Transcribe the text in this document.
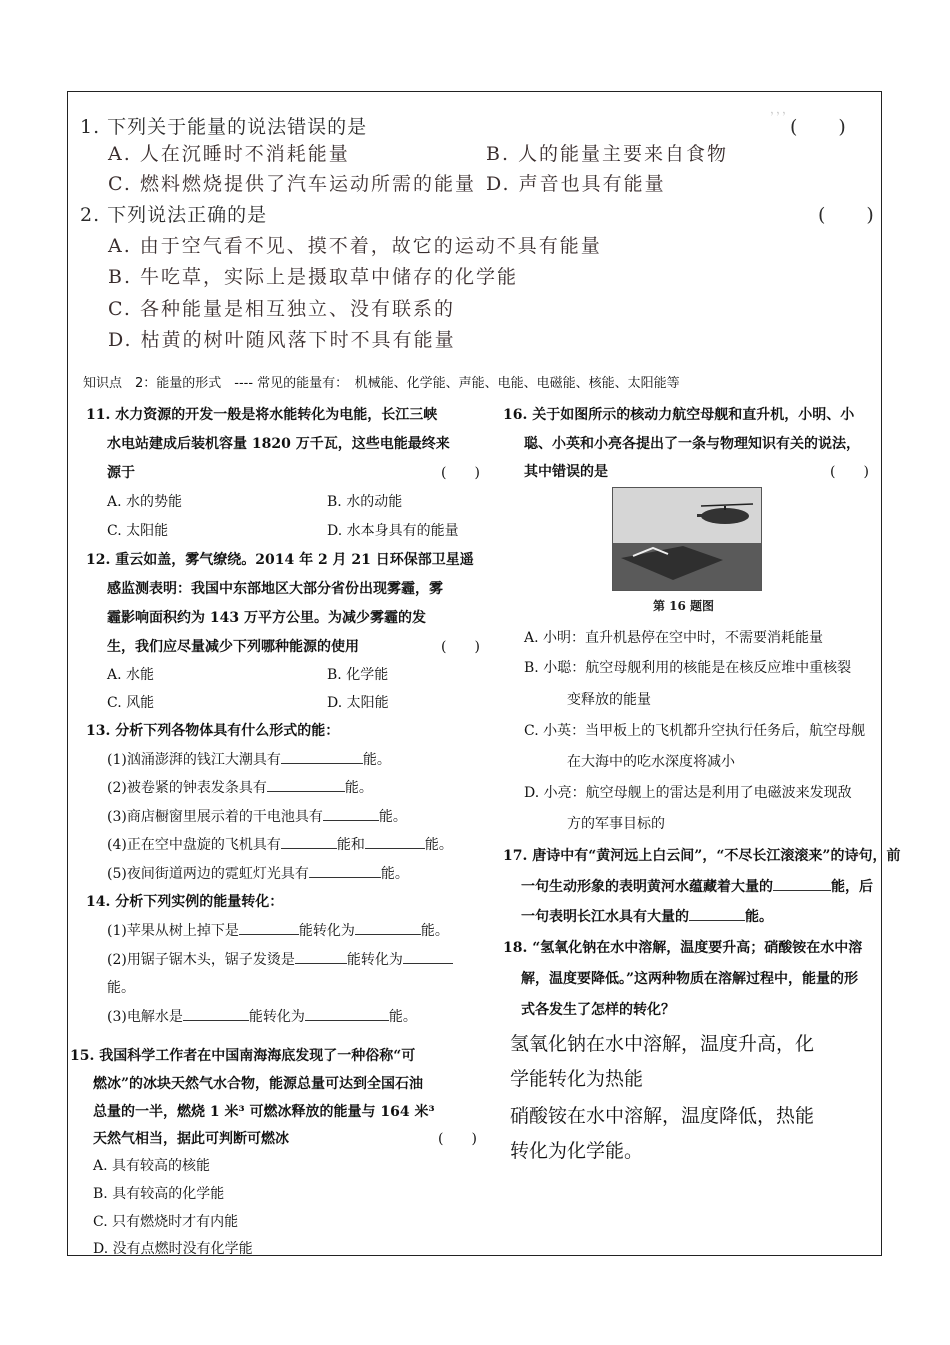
，，，
1. 下列关于能量的说法错误的是	(　　)
A. 人在沉睡时不消耗能量	B. 人的能量主要来自食物
C. 燃料燃烧提供了汽车运动所需的能量 D. 声音也具有能量
2. 下列说法正确的是	(　　)
A. 由于空气看不见、摸不着，故它的运动不具有能量
B. 牛吃草，实际上是摄取草中储存的化学能
C. 各种能量是相互独立、没有联系的
D. 枯黄的树叶随风落下时不具有能量
知识点　2：能量的形式　---- 常见的能量有：　机械能、化学能、声能、电能、电磁能、核能、太阳能等
11. 水力资源的开发一般是将水能转化为电能，长江三峡
水电站建成后装机容量 1820 万千瓦，这些电能最终来
源于	(　　)
A. 水的势能	B. 水的动能
C. 太阳能	D. 水本身具有的能量
12. 重云如盖，雾气缭绕。2014 年 2 月 21 日环保部卫星遥
感监测表明：我国中东部地区大部分省份出现雾霾，雾
霾影响面积约为 143 万平方公里。为减少雾霾的发
生，我们应尽量减少下列哪种能源的使用	(　　)
A. 水能	B. 化学能
C. 风能	D. 太阳能
13. 分析下列各物体具有什么形式的能：
(1)汹涌澎湃的钱江大潮具有	能。
(2)被卷紧的钟表发条具有	能。
(3)商店橱窗里展示着的干电池具有	能。
(4)正在空中盘旋的飞机具有	能和	能。
(5)夜间街道两边的霓虹灯光具有	能。
14. 分析下列实例的能量转化：
(1)苹果从树上掉下是	能转化为	能。
(2)用锯子锯木头，锯子发烫是	能转化为
能。
(3)电解水是	能转化为	能。
15. 我国科学工作者在中国南海海底发现了一种俗称“可
燃冰”的冰块天然气水合物，能源总量可达到全国石油
总量的一半，燃烧 1 米³ 可燃冰释放的能量与 164 米³
天然气相当，据此可判断可燃冰	(　　)
A. 具有较高的核能
B. 具有较高的化学能
C. 只有燃烧时才有内能
D. 没有点燃时没有化学能
16. 关于如图所示的核动力航空母舰和直升机，小明、小
聪、小英和小亮各提出了一条与物理知识有关的说法，
其中错误的是	(　　)
第 16 题图
A. 小明：直升机悬停在空中时，不需要消耗能量
B. 小聪：航空母舰利用的核能是在核反应堆中重核裂
变释放的能量
C. 小英：当甲板上的飞机都升空执行任务后，航空母舰
在大海中的吃水深度将减小
D. 小亮：航空母舰上的雷达是利用了电磁波来发现敌
方的军事目标的
17. 唐诗中有“黄河远上白云间”，“不尽长江滚滚来”的诗句，前
一句生动形象的表明黄河水蕴藏着大量的	能，后
一句表明长江水具有大量的	能。
18. “氢氧化钠在水中溶解，温度要升高；硝酸铵在水中溶
解，温度要降低。”这两种物质在溶解过程中，能量的形
式各发生了怎样的转化？
氢氧化钠在水中溶解，温度升高，化
学能转化为热能
硝酸铵在水中溶解，温度降低，热能
转化为化学能。
